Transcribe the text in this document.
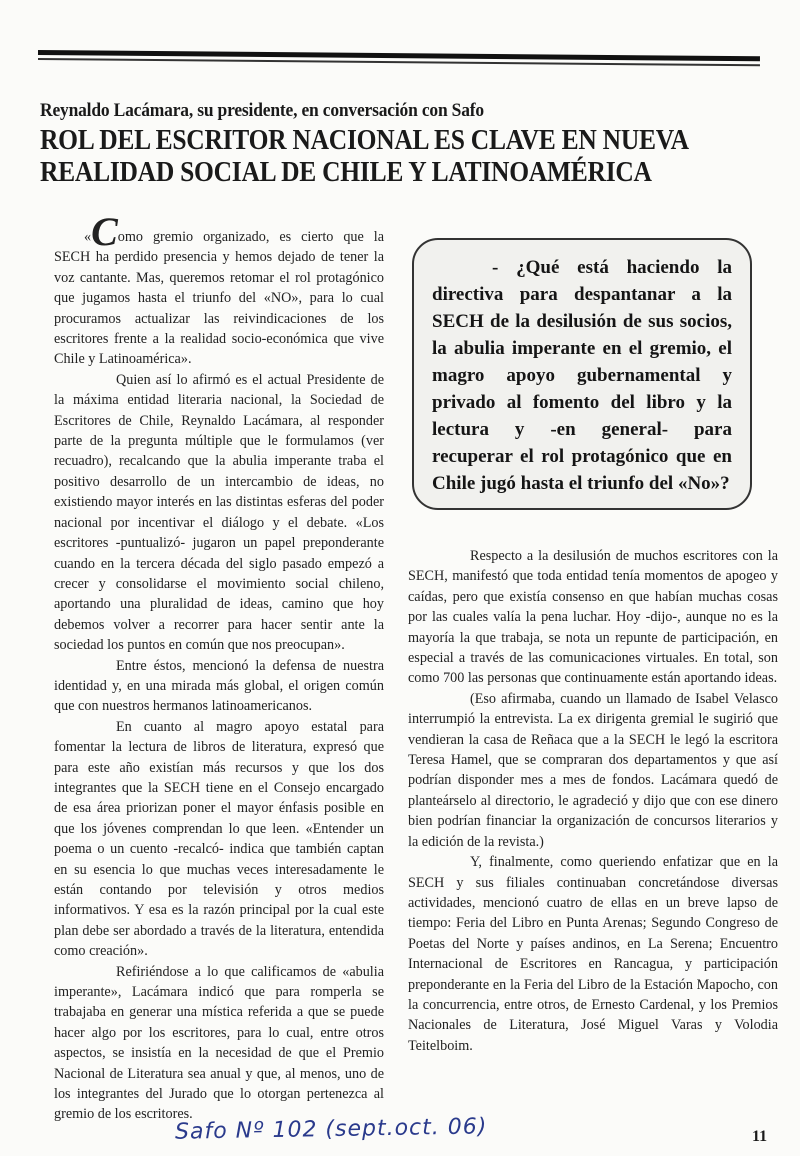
Reynaldo Lacámara, su presidente, en conversación con Safo
ROL DEL ESCRITOR NACIONAL ES CLAVE EN NUEVA REALIDAD SOCIAL DE CHILE Y LATINOAMÉRICA

«Como gremio organizado, es cierto que la SECH ha perdido presencia y hemos dejado de tener la voz cantante. Mas, queremos retomar el rol protagónico que jugamos hasta el triunfo del «NO», para lo cual procuramos actualizar las reivindicaciones de los escritores frente a la realidad socio-económica que vive Chile y Latinoamérica».

Quien así lo afirmó es el actual Presidente de la máxima entidad literaria nacional, la Sociedad de Escritores de Chile, Reynaldo Lacámara, al responder parte de la pregunta múltiple que le formulamos (ver recuadro), recalcando que la abulia imperante traba el positivo desarrollo de un intercambio de ideas, no existiendo mayor interés en las distintas esferas del poder nacional por incentivar el diálogo y el debate. «Los escritores -puntualizó- jugaron un papel preponderante cuando en la tercera década del siglo pasado empezó a crecer y consolidarse el movimiento social chileno, aportando una pluralidad de ideas, camino que hoy debemos volver a recorrer para hacer sentir ante la sociedad los puntos en común que nos preocupan».

Entre éstos, mencionó la defensa de nuestra identidad y, en una mirada más global, el origen común que con nuestros hermanos latinoamericanos.

En cuanto al magro apoyo estatal para fomentar la lectura de libros de literatura, expresó que para este año existían más recursos y que los dos integrantes que la SECH tiene en el Consejo encargado de esa área priorizan poner el mayor énfasis posible en que los jóvenes comprendan lo que leen. «Entender un poema o un cuento -recalcó- indica que también captan en su esencia lo que muchas veces interesadamente le están contando por televisión y otros medios informativos. Y esa es la razón principal por la cual este plan debe ser abordado a través de la literatura, entendida como creación».

Refiriéndose a lo que calificamos de «abulia imperante», Lacámara indicó que para romperla se trabajaba en generar una mística referida a que se puede hacer algo por los escritores, para lo cual, entre otros aspectos, se insistía en la necesidad de que el Premio Nacional de Literatura sea anual y que, al menos, uno de los integrantes del Jurado que lo otorgan pertenezca al gremio de los escritores.

- ¿Qué está haciendo la directiva para despantanar a la SECH de la desilusión de sus socios, la abulia imperante en el gremio, el magro apoyo gubernamental y privado al fomento del libro y la lectura y -en general- para recuperar el rol protagónico que en Chile jugó hasta el triunfo del «No»?

Respecto a la desilusión de muchos escritores con la SECH, manifestó que toda entidad tenía momentos de apogeo y caídas, pero que existía consenso en que habían muchas cosas por las cuales valía la pena luchar. Hoy -dijo-, aunque no es la mayoría la que trabaja, se nota un repunte de participación, en especial a través de las comunicaciones virtuales. En total, son como 700 las personas que continuamente están aportando ideas.

(Eso afirmaba, cuando un llamado de Isabel Velasco interrumpió la entrevista. La ex dirigenta gremial le sugirió que vendieran la casa de Reñaca que a la SECH le legó la escritora Teresa Hamel, que se compraran dos departamentos y que así podrían disponder mes a mes de fondos. Lacámara quedó de planteárselo al directorio, le agradeció y dijo que con ese dinero bien podrían financiar la organización de concursos literarios y la edición de la revista.)

Y, finalmente, como queriendo enfatizar que en la SECH y sus filiales continuaban concretándose diversas actividades, mencionó cuatro de ellas en un breve lapso de tiempo: Feria del Libro en Punta Arenas; Segundo Congreso de Poetas del Norte y países andinos, en La Serena; Encuentro Internacional de Escritores en Rancagua, y participación preponderante en la Feria del Libro de la Estación Mapocho, con la concurrencia, entre otros, de Ernesto Cardenal, y los Premios Nacionales de Literatura, José Miguel Varas y Volodia Teitelboim.

Safo Nº 102 (sept.oct. 06)	11
